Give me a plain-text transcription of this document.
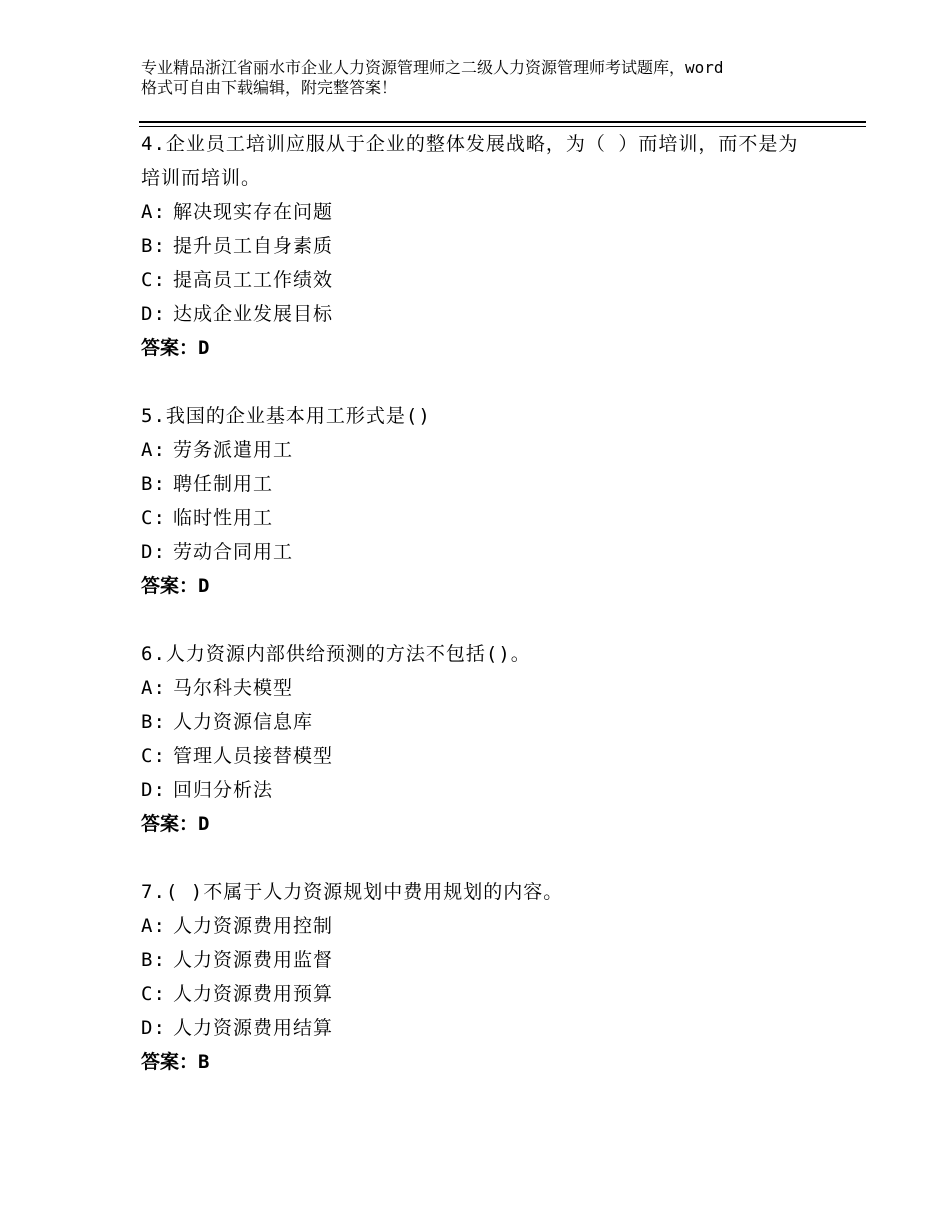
专业精品浙江省丽水市企业人力资源管理师之二级人力资源管理师考试题库，word
格式可自由下载编辑，附完整答案！
4.企业员工培训应服从于企业的整体发展战略，为（ ）而培训，而不是为培训而培训。
A: 解决现实存在问题
B: 提升员工自身素质
C: 提高员工工作绩效
D: 达成企业发展目标
答案：D
5.我国的企业基本用工形式是()
A: 劳务派遣用工
B: 聘任制用工
C: 临时性用工
D: 劳动合同用工
答案：D
6.人力资源内部供给预测的方法不包括()。
A: 马尔科夫模型
B: 人力资源信息库
C: 管理人员接替模型
D: 回归分析法
答案：D
7.( )不属于人力资源规划中费用规划的内容。
A: 人力资源费用控制
B: 人力资源费用监督
C: 人力资源费用预算
D: 人力资源费用结算
答案：B
